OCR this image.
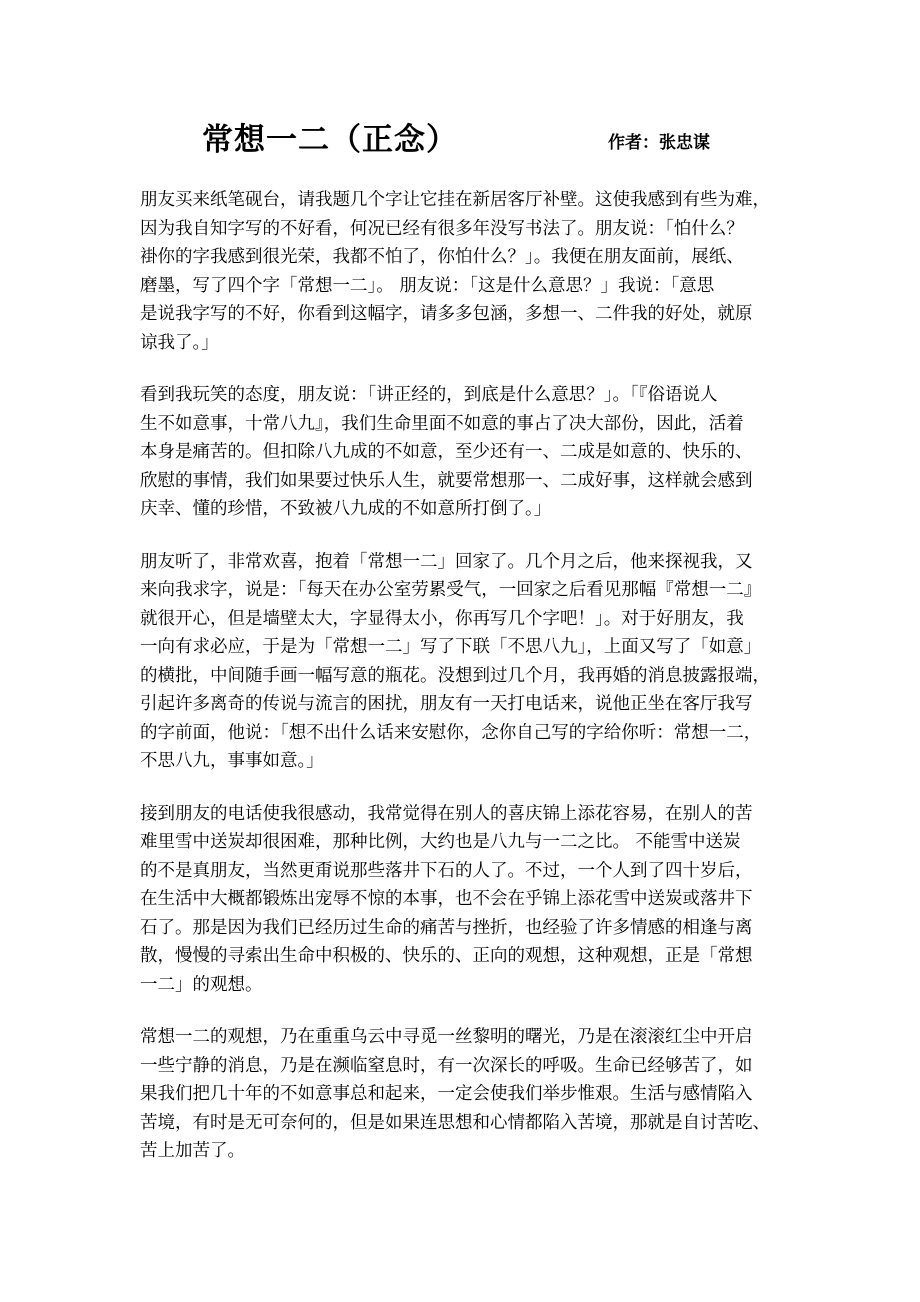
常想一二（正念）	作者：张忠谋

朋友买来纸笔砚台，请我题几个字让它挂在新居客厅补壁。这使我感到有些为难，
因为我自知字写的不好看，何况已经有很多年没写书法了。朋友说：「怕什么？
褂你的字我感到很光荣，我都不怕了，你怕什么？」。我便在朋友面前，展纸、
磨墨，写了四个字「常想一二」。 朋友说：「这是什么意思？」我说：「意思
是说我字写的不好，你看到这幅字，请多多包涵，多想一、二件我的好处，就原
谅我了。」

看到我玩笑的态度，朋友说：「讲正经的，到底是什么意思？」。「『俗语说人
生不如意事，十常八九』，我们生命里面不如意的事占了决大部份，因此，活着
本身是痛苦的。但扣除八九成的不如意，至少还有一、二成是如意的、快乐的、
欣慰的事情，我们如果要过快乐人生，就要常想那一、二成好事，这样就会感到
庆幸、懂的珍惜，不致被八九成的不如意所打倒了。」

朋友听了，非常欢喜，抱着「常想一二」回家了。几个月之后，他来探视我，又
来向我求字，说是：「每天在办公室劳累受气，一回家之后看见那幅『常想一二』
就很开心，但是墙壁太大，字显得太小，你再写几个字吧！」。对于好朋友，我
一向有求必应，于是为「常想一二」写了下联「不思八九」，上面又写了「如意」
的横批，中间随手画一幅写意的瓶花。没想到过几个月，我再婚的消息披露报端，
引起许多离奇的传说与流言的困扰，朋友有一天打电话来，说他正坐在客厅我写
的字前面，他说：「想不出什么话来安慰你，念你自己写的字给你听：常想一二，
不思八九，事事如意。」

接到朋友的电话使我很感动，我常觉得在别人的喜庆锦上添花容易，在别人的苦
难里雪中送炭却很困难，那种比例，大约也是八九与一二之比。 不能雪中送炭
的不是真朋友，当然更甭说那些落井下石的人了。不过，一个人到了四十岁后，
在生活中大概都锻炼出宠辱不惊的本事，也不会在乎锦上添花雪中送炭或落井下
石了。那是因为我们已经历过生命的痛苦与挫折，也经验了许多情感的相逢与离
散，慢慢的寻索出生命中积极的、快乐的、正向的观想，这种观想，正是「常想
一二」的观想。

常想一二的观想，乃在重重乌云中寻觅一丝黎明的曙光，乃是在滚滚红尘中开启
一些宁静的消息，乃是在濒临窒息时，有一次深长的呼吸。生命已经够苦了，如
果我们把几十年的不如意事总和起来，一定会使我们举步惟艰。生活与感情陷入
苦境，有时是无可奈何的，但是如果连思想和心情都陷入苦境，那就是自讨苦吃、
苦上加苦了。
